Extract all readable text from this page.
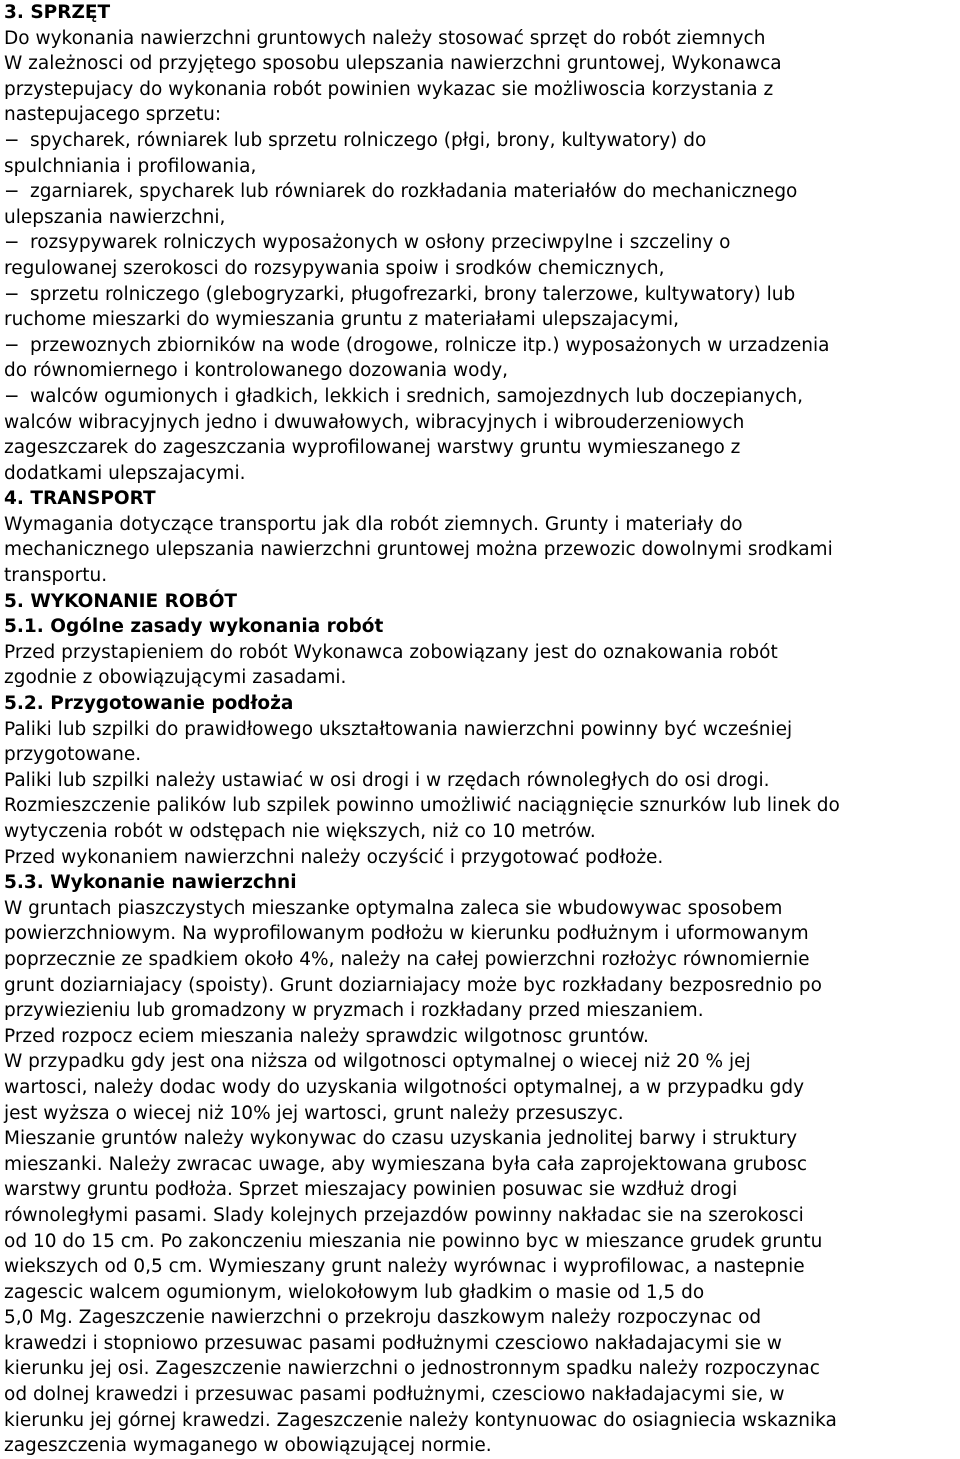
3. SPRZĘT
Do wykonania nawierzchni gruntowych należy stosować sprzęt do robót ziemnych
W zależnosci od przyjętego sposobu ulepszania nawierzchni gruntowej, Wykonawca
przystepujacy do wykonania robót powinien wykazac sie możliwoscia korzystania z
nastepujacego sprzetu:
− spycharek, równiarek lub sprzetu rolniczego (płgi, brony, kultywatory) do
spulchniania i profilowania,
− zgarniarek, spycharek lub równiarek do rozkładania materiałów do mechanicznego
ulepszania nawierzchni,
− rozsypywarek rolniczych wyposażonych w osłony przeciwpylne i szczeliny o
regulowanej szerokosci do rozsypywania spoiw i srodków chemicznych,
− sprzetu rolniczego (glebogryzarki, pługofrezarki, brony talerzowe, kultywatory) lub
ruchome mieszarki do wymieszania gruntu z materiałami ulepszajacymi,
− przewoznych zbiorników na wode (drogowe, rolnicze itp.) wyposażonych w urzadzenia
do równomiernego i kontrolowanego dozowania wody,
− walców ogumionych i gładkich, lekkich i srednich, samojezdnych lub doczepianych,
walców wibracyjnych jedno i dwuwałowych, wibracyjnych i wibrouderzeniowych
zageszczarek do zageszczania wyprofilowanej warstwy gruntu wymieszanego z
dodatkami ulepszajacymi.
4. TRANSPORT
Wymagania dotyczące transportu jak dla robót ziemnych. Grunty i materiały do
mechanicznego ulepszania nawierzchni gruntowej można przewozic dowolnymi srodkami
transportu.
5. WYKONANIE ROBÓT
5.1. Ogólne zasady wykonania robót
Przed przystapieniem do robót Wykonawca zobowiązany jest do oznakowania robót
zgodnie z obowiązującymi zasadami.
5.2. Przygotowanie podłoża
Paliki lub szpilki do prawidłowego ukształtowania nawierzchni powinny być wcześniej
przygotowane.
Paliki lub szpilki należy ustawiać w osi drogi i w rzędach równoległych do osi drogi.
Rozmieszczenie palików lub szpilek powinno umożliwić naciągnięcie sznurków lub linek do
wytyczenia robót w odstępach nie większych, niż co 10 metrów.
Przed wykonaniem nawierzchni należy oczyścić i przygotować podłoże.
5.3. Wykonanie nawierzchni
W gruntach piaszczystych mieszanke optymalna zaleca sie wbudowywac sposobem
powierzchniowym. Na wyprofilowanym podłożu w kierunku podłużnym i uformowanym
poprzecznie ze spadkiem około 4%, należy na całej powierzchni rozłożyc równomiernie
grunt doziarniajacy (spoisty). Grunt doziarniajacy może byc rozkładany bezposrednio po
przywiezieniu lub gromadzony w pryzmach i rozkładany przed mieszaniem.
Przed rozpocz eciem mieszania należy sprawdzic wilgotnosc gruntów.
W przypadku gdy jest ona niższa od wilgotnosci optymalnej o wiecej niż 20 % jej
wartosci, należy dodac wody do uzyskania wilgotności optymalnej, a w przypadku gdy
jest wyższa o wiecej niż 10% jej wartosci, grunt należy przesuszyc.
Mieszanie gruntów należy wykonywac do czasu uzyskania jednolitej barwy i struktury
mieszanki. Należy zwracac uwage, aby wymieszana była cała zaprojektowana grubosc
warstwy gruntu podłoża. Sprzet mieszajacy powinien posuwac sie wzdłuż drogi
równoległymi pasami. Slady kolejnych przejazdów powinny nakładac sie na szerokosci
od 10 do 15 cm. Po zakonczeniu mieszania nie powinno byc w mieszance grudek gruntu
wiekszych od 0,5 cm. Wymieszany grunt należy wyrównac i wyprofilowac, a nastepnie
zagescic walcem ogumionym, wielokołowym lub gładkim o masie od 1,5 do
5,0 Mg. Zageszczenie nawierzchni o przekroju daszkowym należy rozpoczynac od
krawedzi i stopniowo przesuwac pasami podłużnymi czesciowo nakładajacymi sie w
kierunku jej osi. Zageszczenie nawierzchni o jednostronnym spadku należy rozpoczynac
od dolnej krawedzi i przesuwac pasami podłużnymi, czesciowo nakładajacymi sie, w
kierunku jej górnej krawedzi. Zageszczenie należy kontynuowac do osiagniecia wskaznika
zageszczenia wymaganego w obowiązującej normie.
